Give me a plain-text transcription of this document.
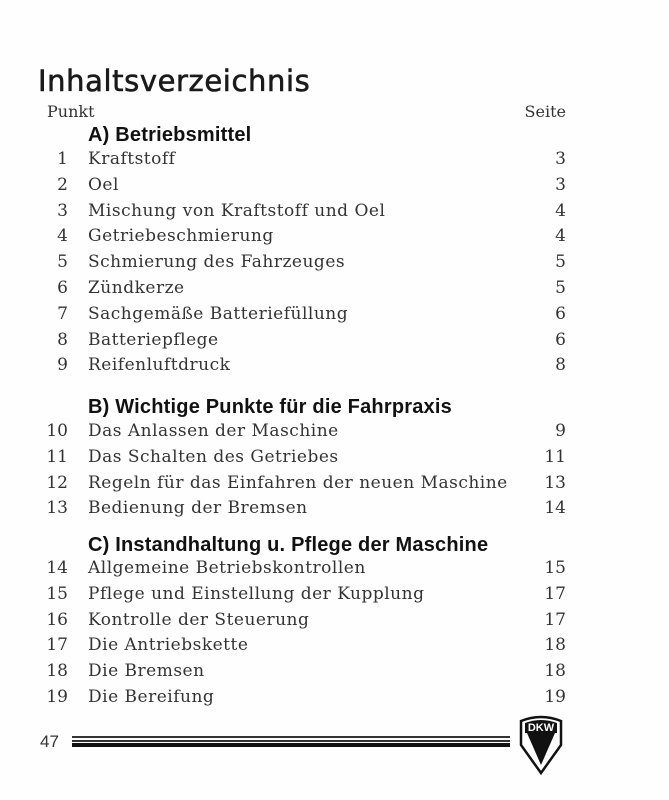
Inhaltsverzeichnis
Punkt	Seite
A) Betriebsmittel
1 Kraftstoff	3
2 Oel	3
3 Mischung von Kraftstoff und Oel	4
4 Getriebeschmierung	4
5 Schmierung des Fahrzeuges	5
6 Zündkerze	5
7 Sachgemäße Batteriefüllung	6
8 Batteriepflege	6
9 Reifenluftdruck	8
B) Wichtige Punkte für die Fahrpraxis
10 Das Anlassen der Maschine	9
11 Das Schalten des Getriebes	11
12 Regeln für das Einfahren der neuen Maschine 13
13 Bedienung der Bremsen	14
C) Instandhaltung u. Pflege der Maschine
14 Allgemeine Betriebskontrollen	15
15 Pflege und Einstellung der Kupplung	17
16 Kontrolle der Steuerung	17
17 Die Antriebskette	18
18 Die Bremsen	18
19 Die Bereifung	19
47
DKW
